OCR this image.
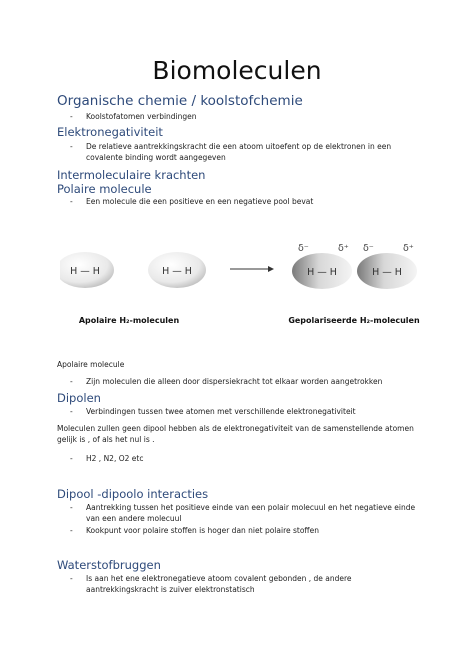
Biomoleculen
Organische chemie / koolstofchemie
-	Koolstofatomen verbindingen
Elektronegativiteit
-	De relatieve aantrekkingskracht die een atoom uitoefent op de elektronen in een covalente binding wordt aangegeven
Intermoleculaire krachten
Polaire molecule
-	Een molecule die een positieve en een negatieve pool bevat
H — H	H — H	H — H
δ⁻	δ⁺
H — H
δ⁻	δ⁺
Apolaire H₂-moleculen	Gepolariseerde H₂-moleculen
Apolaire molecule
-	Zijn moleculen die alleen door dispersiekracht tot elkaar worden aangetrokken
Dipolen
-	Verbindingen tussen twee atomen met verschillende elektronegativiteit
Moleculen zullen geen dipool hebben als de elektronegativiteit van de samenstellende atomen gelijk is , of als het nul is .
-	H2 , N2, O2 etc
Dipool -dipoolo interacties
-	Aantrekking tussen het positieve einde van een polair molecuul en het negatieve einde van een andere molecuul
-	Kookpunt voor polaire stoffen is hoger dan niet polaire stoffen
Waterstofbruggen
-	Is aan het ene elektronegatieve atoom covalent gebonden , de andere aantrekkingskracht is zuiver elektronstatisch
